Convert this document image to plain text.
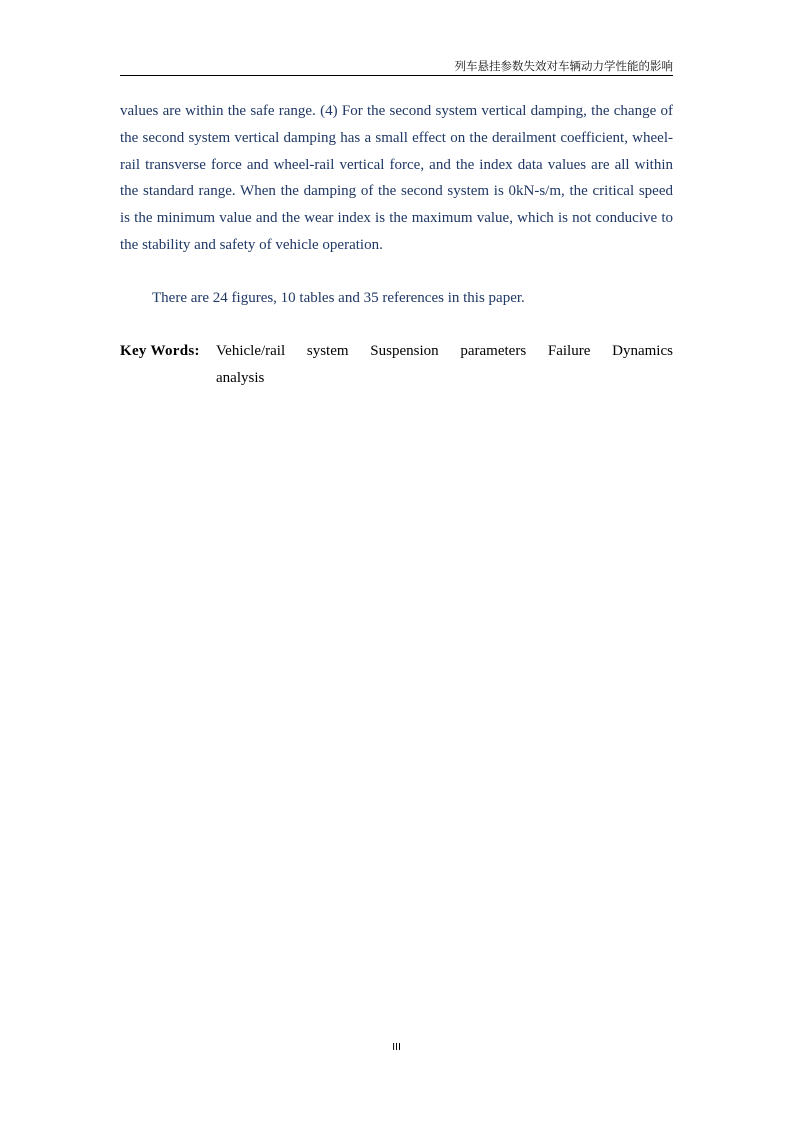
列车悬挂参数失效对车辆动力学性能的影响
values are within the safe range. (4) For the second system vertical damping, the change of the second system vertical damping has a small effect on the derailment coefficient, wheel-rail transverse force and wheel-rail vertical force, and the index data values are all within the standard range. When the damping of the second system is 0kN-s/m, the critical speed is the minimum value and the wear index is the maximum value, which is not conducive to the stability and safety of vehicle operation.
There are 24 figures, 10 tables and 35 references in this paper.
Key Words: Vehicle/rail system Suspension parameters Failure Dynamics
analysis
III
